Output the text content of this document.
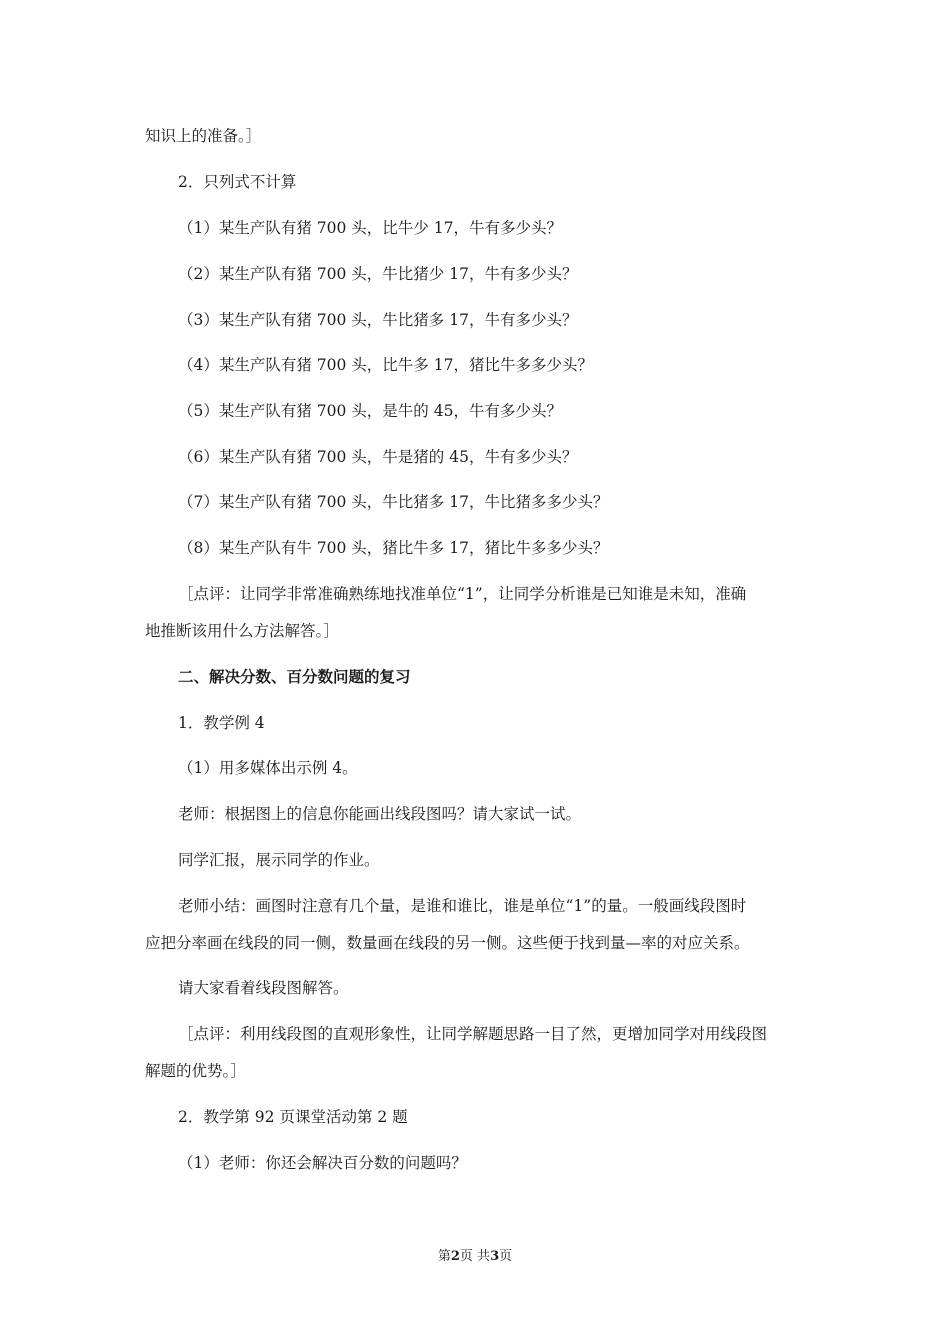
知识上的准备。］
2．只列式不计算
（1）某生产队有猪 700 头，比牛少 17，牛有多少头？
（2）某生产队有猪 700 头，牛比猪少 17，牛有多少头？
（3）某生产队有猪 700 头，牛比猪多 17，牛有多少头？
（4）某生产队有猪 700 头，比牛多 17，猪比牛多多少头？
（5）某生产队有猪 700 头，是牛的 45，牛有多少头？
（6）某生产队有猪 700 头，牛是猪的 45，牛有多少头？
（7）某生产队有猪 700 头，牛比猪多 17，牛比猪多多少头？
（8）某生产队有牛 700 头，猪比牛多 17，猪比牛多多少头？
［点评：让同学非常准确熟练地找准单位“1”，让同学分析谁是已知谁是未知，准确
地推断该用什么方法解答。］
二、解决分数、百分数问题的复习
1．教学例 4
（1）用多媒体出示例 4。
老师：根据图上的信息你能画出线段图吗？请大家试一试。
同学汇报，展示同学的作业。
老师小结：画图时注意有几个量，是谁和谁比，谁是单位“1”的量。一般画线段图时
应把分率画在线段的同一侧，数量画在线段的另一侧。这些便于找到量—率的对应关系。
请大家看着线段图解答。
［点评：利用线段图的直观形象性，让同学解题思路一目了然，更增加同学对用线段图
解题的优势。］
2．教学第 92 页课堂活动第 2 题
（1）老师：你还会解决百分数的问题吗？
第2页 共3页
